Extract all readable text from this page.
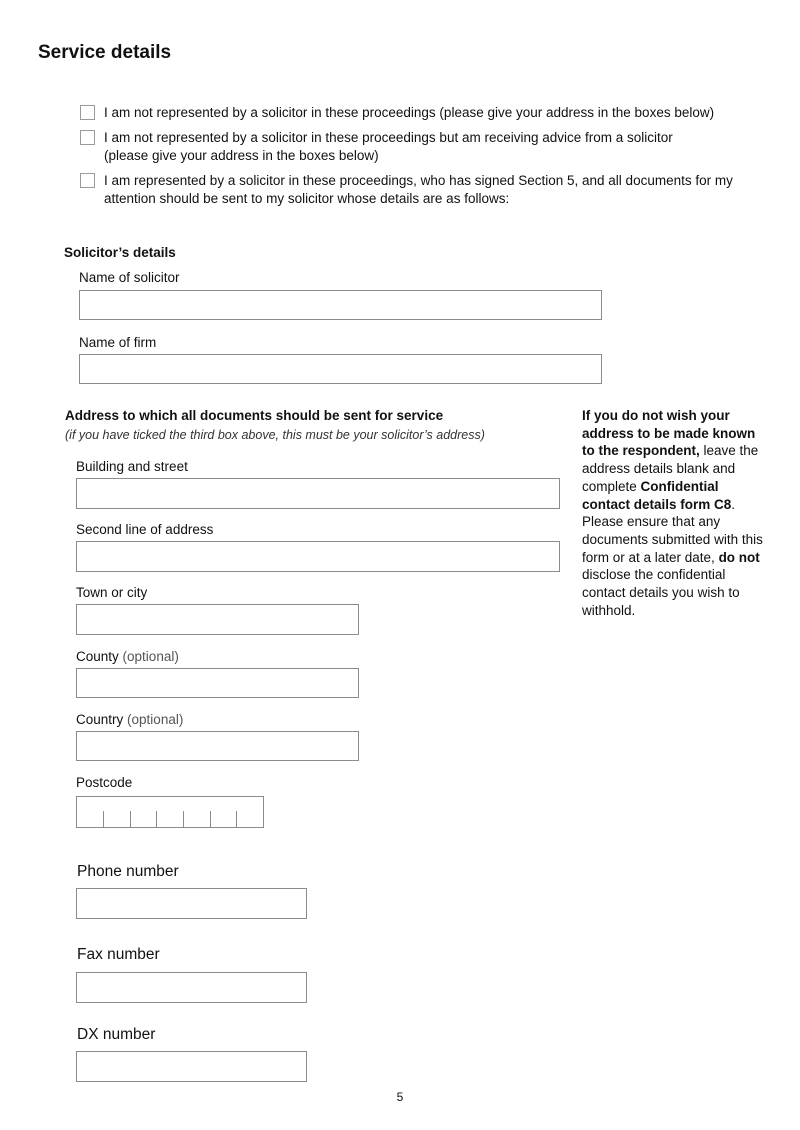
Service details
I am not represented by a solicitor in these proceedings (please give your address in the boxes below)
I am not represented by a solicitor in these proceedings but am receiving advice from a solicitor (please give your address in the boxes below)
I am represented by a solicitor in these proceedings, who has signed Section 5, and all documents for my attention should be sent to my solicitor whose details are as follows:
Solicitor’s details
Name of solicitor
Name of firm
Address to which all documents should be sent for service
(if you have ticked the third box above, this must be your solicitor’s address)
Building and street
Second line of address
Town or city
County (optional)
Country (optional)
Postcode
Phone number
Fax number
DX number
If you do not wish your address to be made known to the respondent, leave the address details blank and complete Confidential contact details form C8. Please ensure that any documents submitted with this form or at a later date, do not disclose the confidential contact details you wish to withhold.
5
